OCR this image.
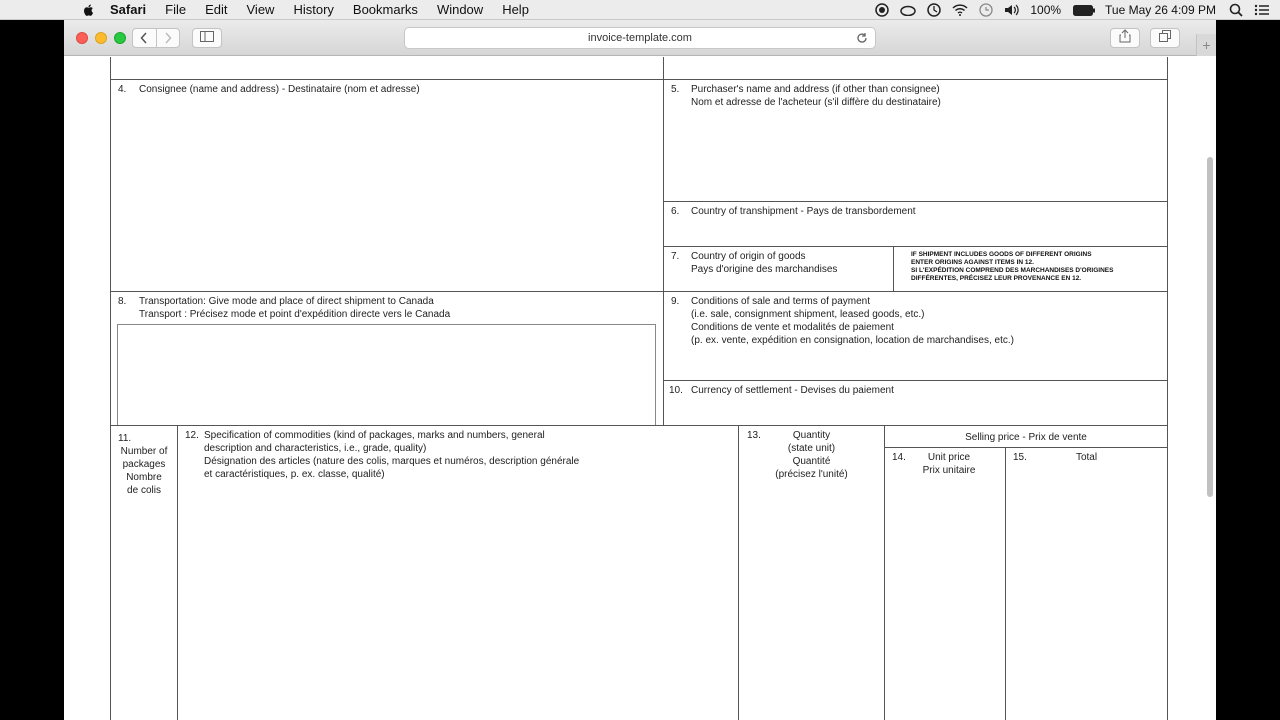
Safari File Edit View History Bookmarks Window Help	100%	Tue May 26 4:09 PM
invoice-template.com	+
4. Consignee (name and address) - Destinataire (nom et adresse)	5. Purchaser's name and address (if other than consignee)
Nom et adresse de l'acheteur (s'il diffère du destinataire)
6. Country of transhipment - Pays de transbordement
7. Country of origin of goods
Pays d'origine des marchandises
IF SHIPMENT INCLUDES GOODS OF DIFFERENT ORIGINS
ENTER ORIGINS AGAINST ITEMS IN 12.
SI L'EXPÉDITION COMPREND DES MARCHANDISES D'ORIGINES
DIFFÉRENTES, PRÉCISEZ LEUR PROVENANCE EN 12.
8. Transportation: Give mode and place of direct shipment to Canada
Transport : Précisez mode et point d'expédition directe vers le Canada
9. Conditions of sale and terms of payment
(i.e. sale, consignment shipment, leased goods, etc.)
Conditions de vente et modalités de paiement
(p. ex. vente, expédition en consignation, location de marchandises, etc.)
10. Currency of settlement - Devises du paiement
11.
Number of
packages
Nombre
de colis
12. Specification of commodities (kind of packages, marks and numbers, general
description and characteristics, i.e., grade, quality)
Désignation des articles (nature des colis, marques et numéros, description générale
et caractéristiques, p. ex. classe, qualité)
13.	Quantity
(state unit)
Quantité
(précisez l'unité)
Selling price - Prix de vente
14.	Unit price
Prix unitaire
15.	Total
